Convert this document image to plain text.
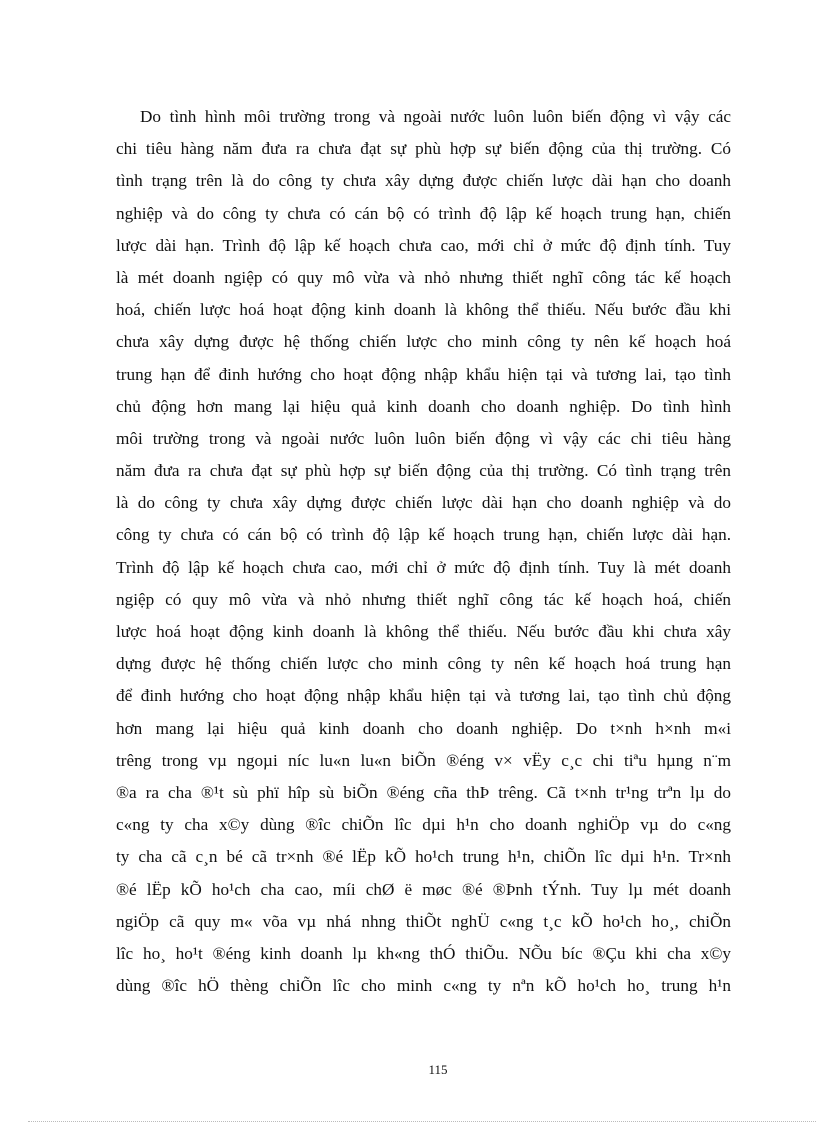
Do tình hình môi trường trong và ngoài nước luôn luôn biến động vì vậy các
chi tiêu hàng năm đưa ra chưa đạt sự phù hợp sự biến động của thị trường. Có
tình trạng trên là do công ty chưa xây dựng được chiến lược dài hạn cho doanh
nghiệp và do công ty chưa có cán bộ có trình độ lập kế hoạch trung hạn, chiến
lược dài hạn. Trình độ lập kế hoạch chưa cao, mới chỉ ở mức độ định tính. Tuy
là mét doanh ngiệp có quy mô vừa và nhỏ nhưng thiết nghĩ công tác kế hoạch
hoá, chiến lược hoá hoạt động kinh doanh là không thể thiếu. Nếu bước đầu khi
chưa xây dựng được hệ thống chiến lược cho minh công ty nên kế hoạch hoá
trung hạn để đinh hướng cho hoạt động nhập khẩu hiện tại và tương lai, tạo tình
chủ động hơn mang lại hiệu quả kinh doanh cho doanh nghiệp. Do tình hình
môi trường trong và ngoài nước luôn luôn biến động vì vậy các chi tiêu hàng
năm đưa ra chưa đạt sự phù hợp sự biến động của thị trường. Có tình trạng trên
là do công ty chưa xây dựng được chiến lược dài hạn cho doanh nghiệp và do
công ty chưa có cán bộ có trình độ lập kế hoạch trung hạn, chiến lược dài hạn.
Trình độ lập kế hoạch chưa cao, mới chỉ ở mức độ định tính. Tuy là mét doanh
ngiệp có quy mô vừa và nhỏ nhưng thiết nghĩ công tác kế hoạch hoá, chiến
lược hoá hoạt động kinh doanh là không thể thiếu. Nếu bước đầu khi chưa xây
dựng được hệ thống chiến lược cho minh công ty nên kế hoạch hoá trung hạn
để đinh hướng cho hoạt động nhập khẩu hiện tại và tương lai, tạo tình chủ động
hơn mang lại hiệu quả kinh doanh cho doanh nghiệp. Do t×nh h×nh m«i
trêng trong vµ ngoµi níc lu«n lu«n biÕn ®éng v× vËy c¸c chi tiªu hµng n¨m
®a ra cha ®¹t sù phï hîp sù biÕn ®éng cña thÞ trêng. Cã t×nh tr¹ng trªn lµ do
c«ng ty cha x©y dùng ®îc chiÕn lîc dµi h¹n cho doanh nghiÖp vµ do c«ng
ty cha cã c¸n bé cã tr×nh ®é lËp kÕ ho¹ch trung h¹n, chiÕn lîc dµi h¹n. Tr×nh
®é lËp kÕ ho¹ch cha cao, míi chØ ë møc ®é ®Þnh tÝnh. Tuy lµ mét doanh
ngiÖp cã quy m« võa vµ nhá nhng thiÕt nghÜ c«ng t¸c kÕ ho¹ch ho¸, chiÕn
lîc ho¸ ho¹t ®éng kinh doanh lµ kh«ng thÓ thiÕu. NÕu bíc ®Çu khi cha x©y
dùng ®îc hÖ thèng chiÕn lîc cho minh c«ng ty nªn kÕ ho¹ch ho¸ trung h¹n
115
